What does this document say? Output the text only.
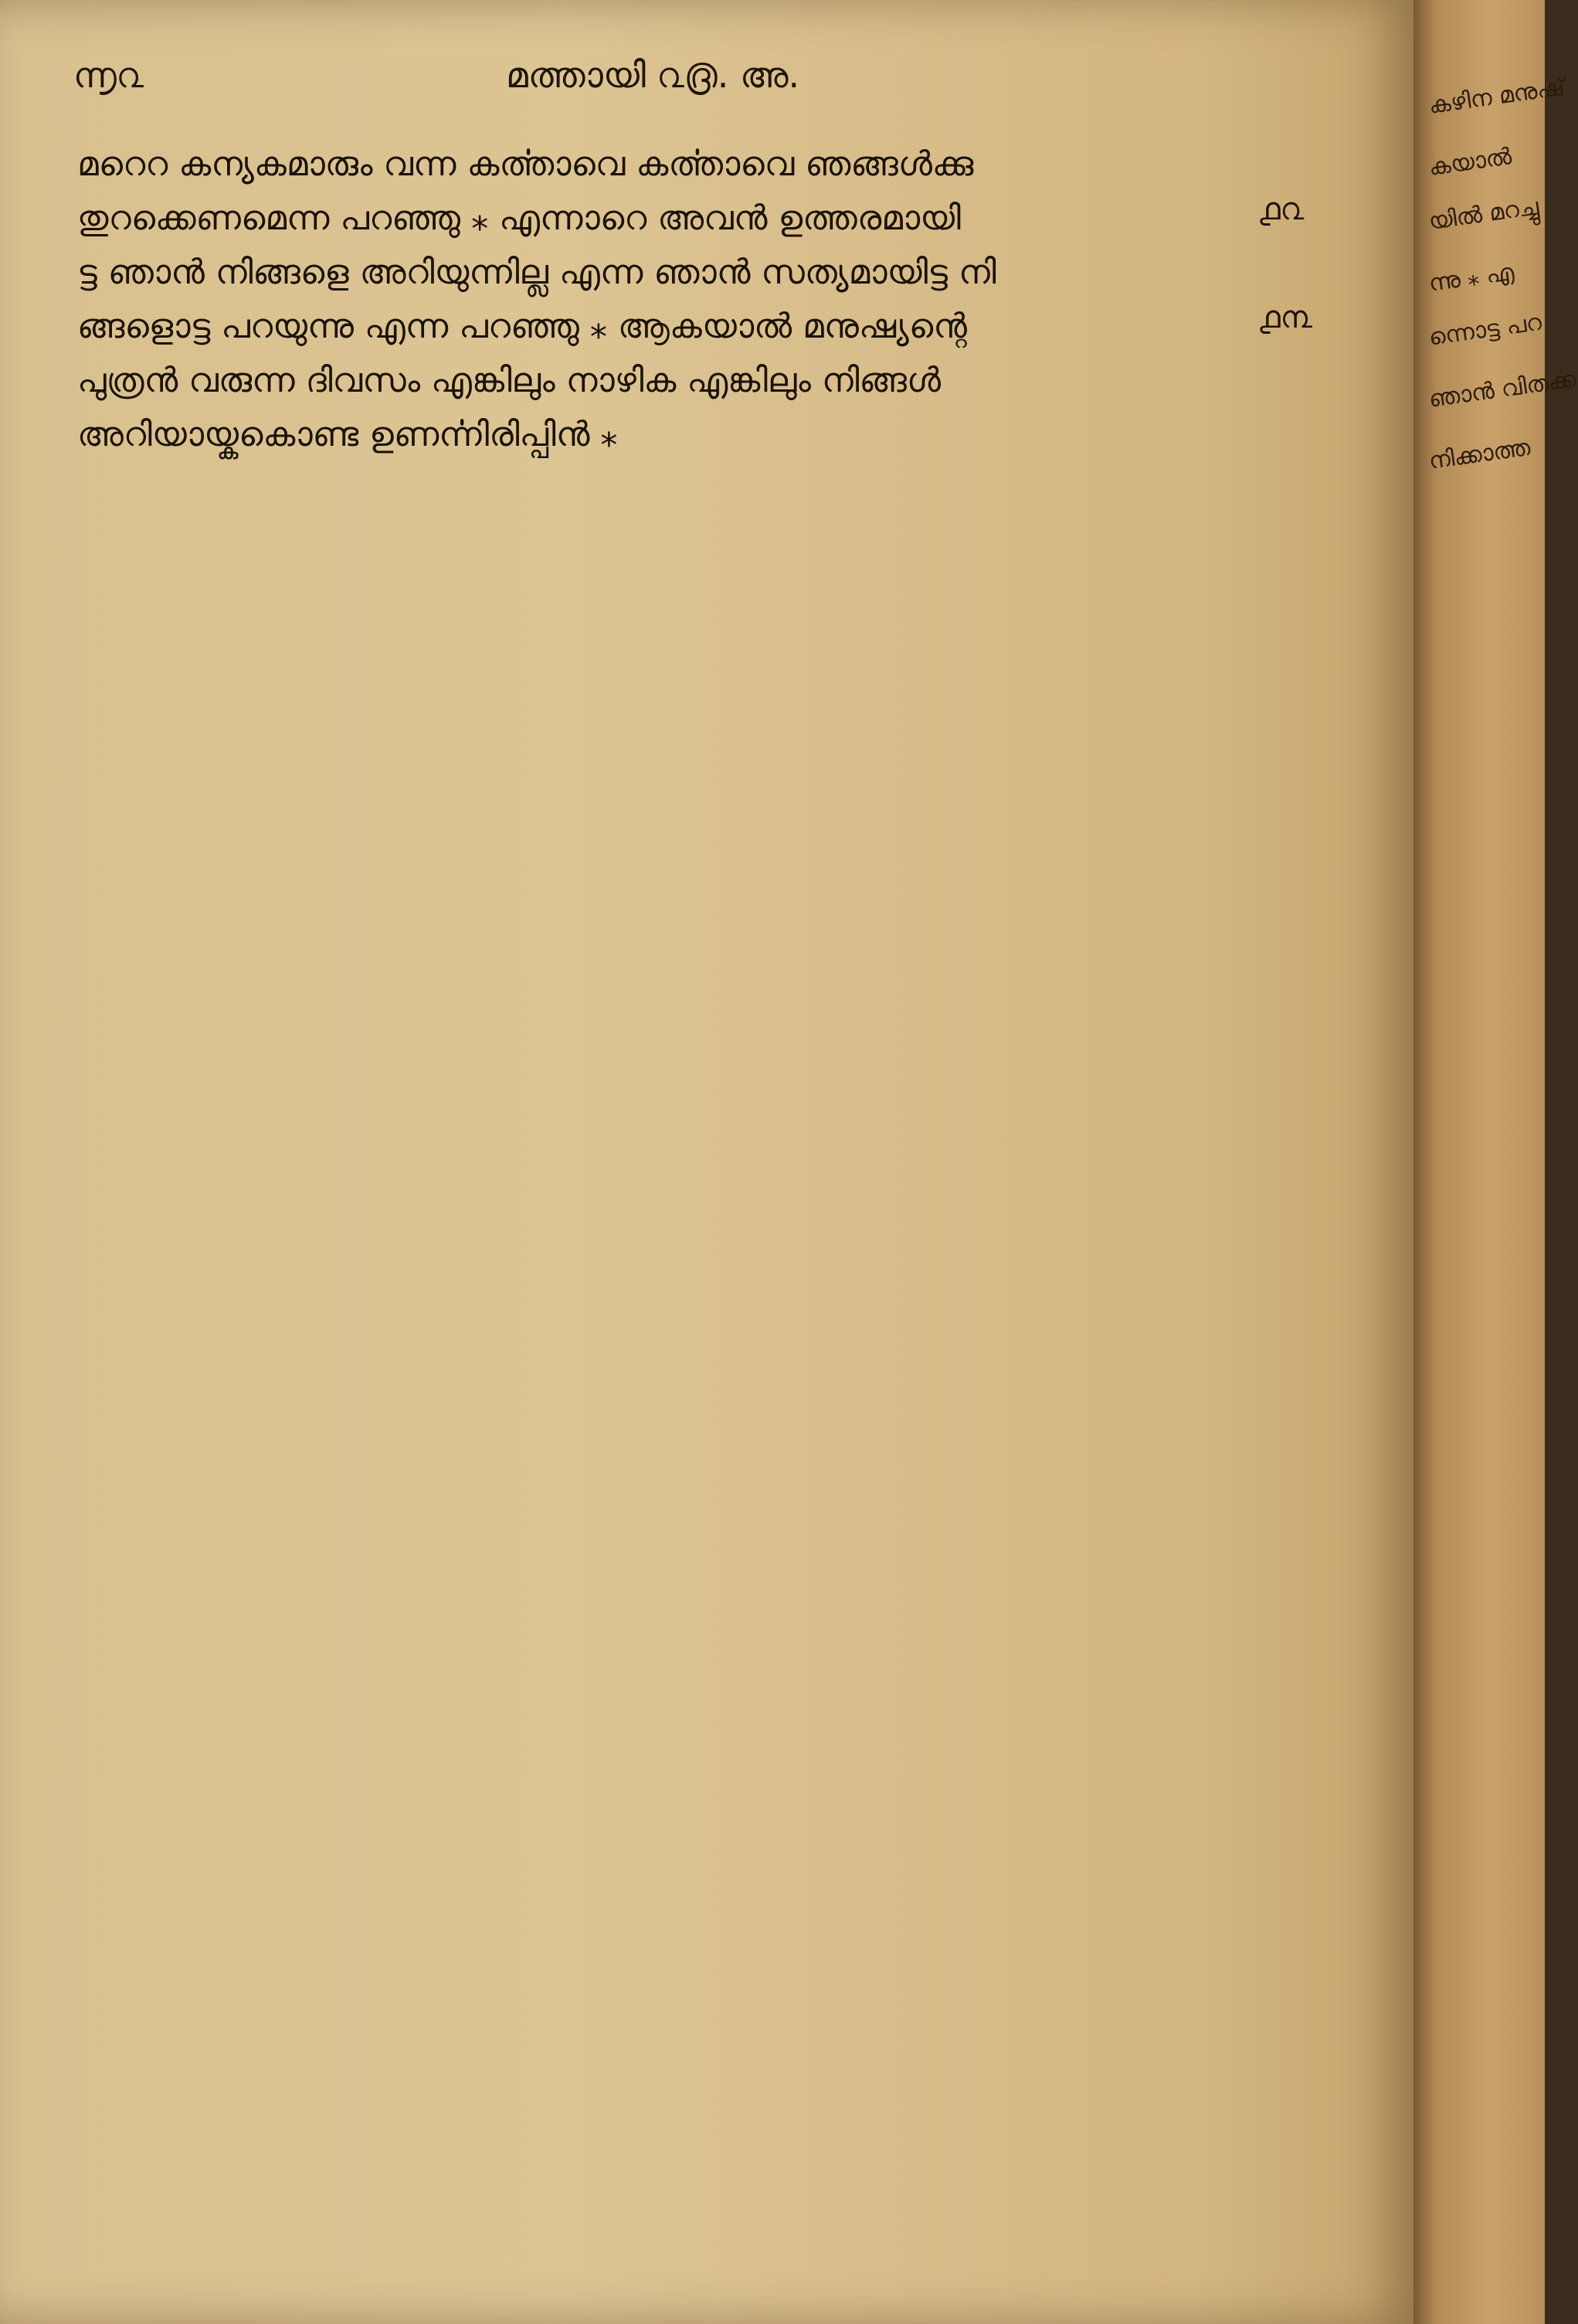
൬൨	മത്തായി ൨൫. അ.
മറെറ കന്യകമാരും വന്ന കൎത്താവെ കൎത്താവെ ഞങ്ങൾക്കു
തുറക്കെണമെന്ന പറഞ്ഞു ⁎ എന്നാറെ അവൻ ഉത്തരമായി
ട്ട ഞാൻ നിങ്ങളെ അറിയുന്നില്ല എന്ന ഞാൻ സത്യമായിട്ട നി
ങ്ങളൊട്ട പറയുന്നു എന്ന പറഞ്ഞു ⁎ ആകയാൽ മനുഷ്യന്റെ
പുത്രൻ വരുന്ന ദിവസം എങ്കിലും നാഴിക എങ്കിലും നിങ്ങൾ
അറിയായ്കകൊണ്ട ഉണൎന്നിരിപ്പിൻ ⁎
൧൨
൧൩
കഴിന മനുഷ്
കയാൽ
യിൽ മറച്ചു
ന്നു ⁎ എ
ന്നൊട്ട പറ
ഞാൻ വിതക്ക
നിക്കാത്ത
